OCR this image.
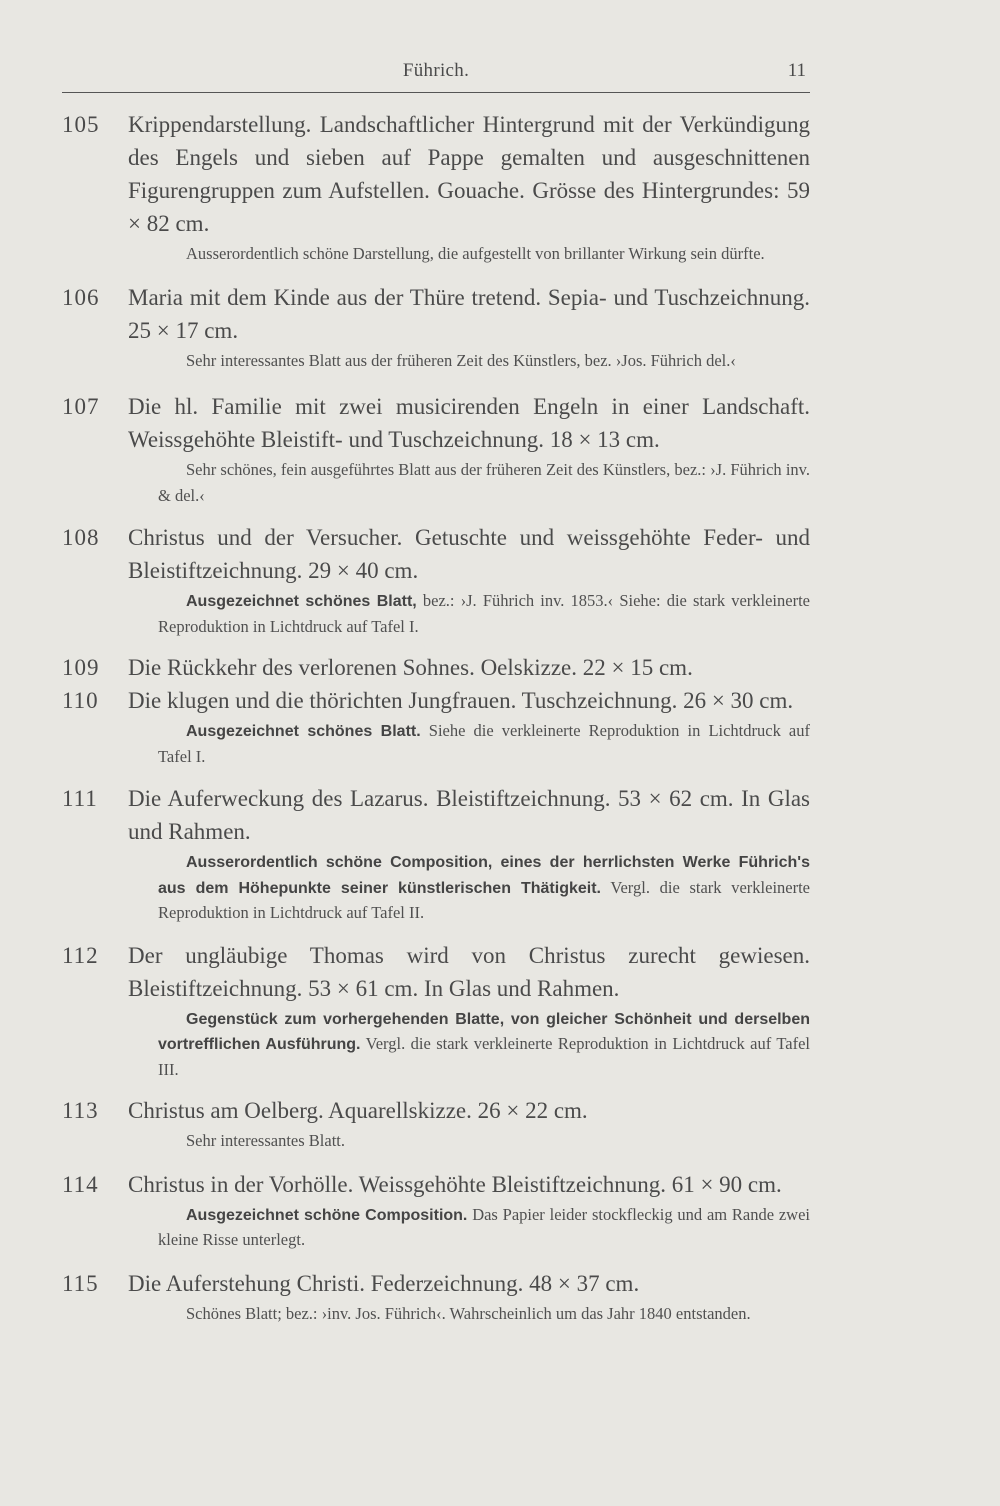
Führich.	11
105 Krippendarstellung. Landschaftlicher Hintergrund mit der Verkündigung des Engels und sieben auf Pappe gemalten und ausgeschnittenen Figurengruppen zum Aufstellen. Gouache. Grösse des Hintergrundes: 59 × 82 cm.
Ausserordentlich schöne Darstellung, die aufgestellt von brillanter Wirkung sein dürfte.
106 Maria mit dem Kinde aus der Thüre tretend. Sepia- und Tuschzeichnung. 25 × 17 cm.
Sehr interessantes Blatt aus der früheren Zeit des Künstlers, bez. ›Jos. Führich del.‹
107 Die hl. Familie mit zwei musicirenden Engeln in einer Landschaft. Weissgehöhte Bleistift- und Tuschzeichnung. 18 × 13 cm.
Sehr schönes, fein ausgeführtes Blatt aus der früheren Zeit des Künstlers, bez.: ›J. Führich inv. & del.‹
108 Christus und der Versucher. Getuschte und weissgehöhte Feder- und Bleistiftzeichnung. 29 × 40 cm.
Ausgezeichnet schönes Blatt, bez.: ›J. Führich inv. 1853.‹ Siehe: die stark verkleinerte Reproduktion in Lichtdruck auf Tafel I.
109 Die Rückkehr des verlorenen Sohnes. Oelskizze. 22 × 15 cm.
110 Die klugen und die thörichten Jungfrauen. Tuschzeichnung. 26 × 30 cm.
Ausgezeichnet schönes Blatt. Siehe die verkleinerte Reproduktion in Lichtdruck auf Tafel I.
111 Die Auferweckung des Lazarus. Bleistiftzeichnung. 53 × 62 cm. In Glas und Rahmen.
Ausserordentlich schöne Composition, eines der herrlichsten Werke Führich's aus dem Höhepunkte seiner künstlerischen Thätigkeit. Vergl. die stark verkleinerte Reproduktion in Lichtdruck auf Tafel II.
112 Der ungläubige Thomas wird von Christus zurecht gewiesen. Bleistiftzeichnung. 53 × 61 cm. In Glas und Rahmen.
Gegenstück zum vorhergehenden Blatte, von gleicher Schönheit und derselben vortrefflichen Ausführung. Vergl. die stark verkleinerte Reproduktion in Lichtdruck auf Tafel III.
113 Christus am Oelberg. Aquarellskizze. 26 × 22 cm.
Sehr interessantes Blatt.
114 Christus in der Vorhölle. Weissgehöhte Bleistiftzeichnung. 61 × 90 cm.
Ausgezeichnet schöne Composition. Das Papier leider stockfleckig und am Rande zwei kleine Risse unterlegt.
115 Die Auferstehung Christi. Federzeichnung. 48 × 37 cm.
Schönes Blatt; bez.: ›inv. Jos. Führich‹. Wahrscheinlich um das Jahr 1840 entstanden.
